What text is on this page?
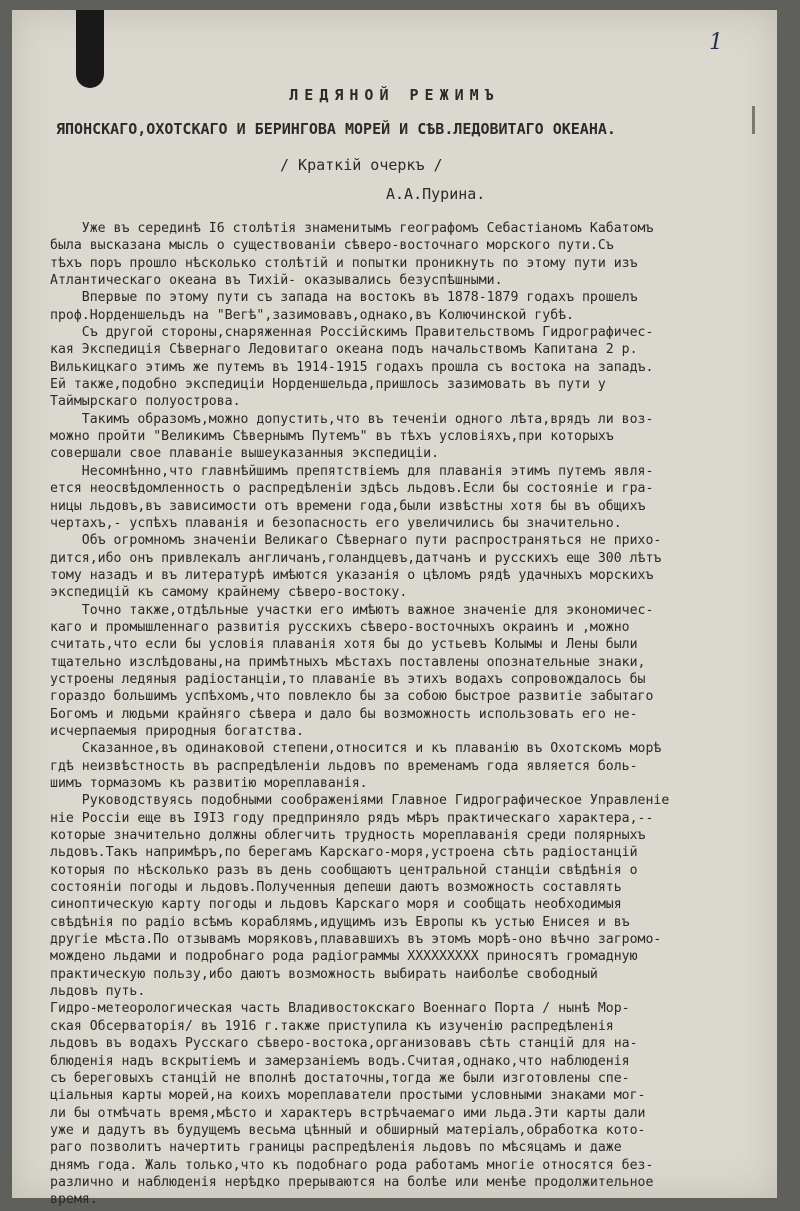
1
ЛЕДЯНОЙ РЕЖИМЪ
ЯПОНСКАГО,ОХОТСКАГО И БЕРИНГОВА МОРЕЙ И СѢВ.ЛЕДОВИТАГО ОКЕАНА.
/ Краткій очеркъ /
А.А.Пурина.
Уже въ серединѣ I6 столѣтія знаменитымъ географомъ Себастіаномъ Кабатомъ
была высказана мысль о существованіи сѣверо-восточнаго морского пути.Съ
тѣхъ поръ прошло нѣсколько столѣтій и попытки проникнуть по этому пути изъ
Атлантическаго океана въ Тихій- оказывались безуспѣшными.
Впервые по этому пути съ запада на востокъ въ 1878-1879 годахъ прошелъ
проф.Норденшельдъ на "Вегѣ",зазимовавъ,однако,въ Колючинской губѣ.
Съ другой стороны,снаряженная Россійскимъ Правительствомъ Гидрографичес-
кая Экспедиція Сѣвернаго Ледовитаго океана подъ начальствомъ Капитана 2 р.
Вилькицкаго этимъ же путемъ въ 1914-1915 годахъ прошла съ востока на западъ.
Ей также,подобно экспедиціи Норденшельда,пришлось зазимовать въ пути у
Таймырскаго полуострова.
Такимъ образомъ,можно допустить,что въ теченіи одного лѣта,врядъ ли воз-
можно пройти "Великимъ Сѣвернымъ Путемъ" въ тѣхъ условіяхъ,при которыхъ
совершали свое плаваніе вышеуказанныя экспедиціи.
Несомнѣнно,что главнѣйшимъ препятствіемъ для плаванія этимъ путемъ явля-
ется неосвѣдомленность о распредѣленіи здѣсь льдовъ.Если бы состояніе и гра-
ницы льдовъ,въ зависимости отъ времени года,были извѣстны хотя бы въ общихъ
чертахъ,- успѣхъ плаванія и безопасность его увеличились бы значительно.
Объ огромномъ значеніи Великаго Сѣвернаго пути распространяться не прихо-
дится,ибо онъ привлекалъ англичанъ,голандцевъ,датчанъ и русскихъ еще 300 лѣтъ
тому назадъ и въ литературѣ имѣются указанія о цѣломъ рядѣ удачныхъ морскихъ
экспедицій къ самому крайнему сѣверо-востоку.
Точно также,отдѣльные участки его имѣютъ важное значеніе для экономичес-
каго и промышленнаго развитія русскихъ сѣверо-восточныхъ окраинъ и ,можно
считать,что если бы условія плаванія хотя бы до устьевъ Колымы и Лены были
тщательно изслѣдованы,на примѣтныхъ мѣстахъ поставлены опознательные знаки,
устроены ледяныя радіостанціи,то плаваніе въ этихъ водахъ сопровождалось бы
гораздо большимъ успѣхомъ,что повлекло бы за собою быстрое развитіе забытаго
Богомъ и людьми крайняго сѣвера и дало бы возможность использовать его не-
исчерпаемыя природныя богатства.
Сказанное,въ одинаковой степени,относится и къ плаванію въ Охотскомъ морѣ
гдѣ неизвѣстность въ распредѣленіи льдовъ по временамъ года является боль-
шимъ тормазомъ къ развитію мореплаванія.
Руководствуясь подобными соображеніями Главное Гидрографическое Управленіе
нiе Россiи еще въ I9I3 году предприняло рядъ мѣръ практическаго характера,--
которые значительно должны облегчить трудность мореплаванія среди полярныхъ
льдовъ.Такъ напримѣръ,по берегамъ Карскаго-моря,устроена сѣть радіостанцій
которыя по нѣсколько разъ въ день сообщаютъ центральной станціи свѣдѣнія о
состояніи погоды и льдовъ.Полученныя депеши даютъ возможность составлять
синоптическую карту погоды и льдовъ Карскаго моря и сообщать необходимыя
свѣдѣнія по радіо всѣмъ кораблямъ,идущимъ изъ Европы къ устью Енисея и въ
другіе мѣста.По отзывамъ моряковъ,плававшихъ въ этомъ морѣ-оно вѣчно загромо-
мождено льдами и подробнаго рода радіограммы ХХХХХХХХХ приносятъ громадную
практическую пользу,ибо даютъ возможность выбирать наиболѣе свободный
льдовъ путь.
Гидро-метеорологическая часть Владивостокскаго Военнаго Порта / нынѣ Мор-
ская Обсерваторія/ въ 1916 г.также приступила къ изученію распредѣленія
льдовъ въ водахъ Русскаго сѣверо-востока,организовавъ сѣть станцій для на-
блюденія надъ вскрытіемъ и замерзаніемъ водъ.Считая,однако,что наблюденія
съ береговыхъ станцій не вполнѣ достаточны,тогда же были изготовлены спе-
ціальныя карты морей,на коихъ мореплаватели простыми условными знаками мог-
ли бы отмѣчать время,мѣсто и характеръ встрѣчаемаго ими льда.Эти карты дали
уже и дадутъ въ будущемъ весьма цѣнный и обширный матеріалъ,обработка кото-
раго позволитъ начертить границы распредѣленія льдовъ по мѣсяцамъ и даже
днямъ года. Жаль только,что къ подобнаго рода работамъ многіе относятся без-
различно и наблюденія нерѣдко прерываются на болѣе или менѣе продолжительное
время.
